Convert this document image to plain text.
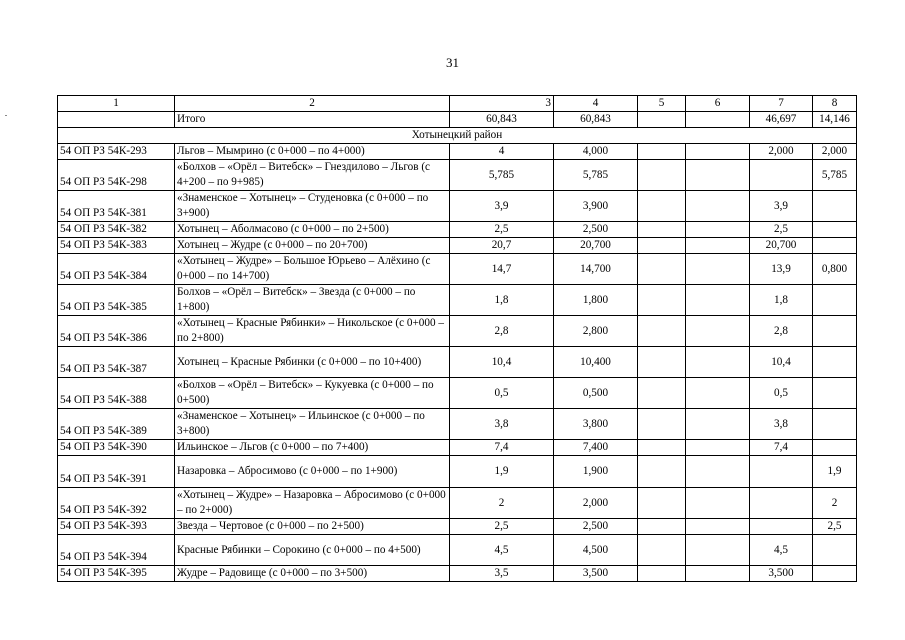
31
1	2	3	4	5	6	7	8
	Итого	60,843	60,843			46,697	14,146
Хотынецкий район							
54 ОП РЗ 54К-293	Льгов – Мымрино (с 0+000 – по 4+000)	4	4,000			2,000	2,000
54 ОП РЗ 54К-298	«Болхов – «Орёл – Витебск» – Гнездилово – Льгов (с 4+200 – по 9+985)	5,785	5,785				5,785
54 ОП РЗ 54К-381	«Знаменское – Хотынец» – Студеновка (с 0+000 – по 3+900)	3,9	3,900			3,9	
54 ОП РЗ 54К-382	Хотынец – Аболмасово (с 0+000 – по 2+500)	2,5	2,500			2,5	
54 ОП РЗ 54К-383	Хотынец – Жудре (с 0+000 – по 20+700)	20,7	20,700			20,700	
54 ОП РЗ 54К-384	«Хотынец – Жудре» – Большое Юрьево – Алёхино (с 0+000 – по 14+700)	14,7	14,700			13,9	0,800
54 ОП РЗ 54К-385	Болхов – «Орёл – Витебск» – Звезда (с 0+000 – по 1+800)	1,8	1,800			1,8	
54 ОП РЗ 54К-386	«Хотынец – Красные Рябинки» – Никольское (с 0+000 – по 2+800)	2,8	2,800			2,8	
54 ОП РЗ 54К-387	Хотынец – Красные Рябинки (с 0+000 – по 10+400)	10,4	10,400			10,4	
54 ОП РЗ 54К-388	«Болхов – «Орёл – Витебск» – Кукуевка (с 0+000 – по 0+500)	0,5	0,500			0,5	
54 ОП РЗ 54К-389	«Знаменское – Хотынец» – Ильинское (с 0+000 – по 3+800)	3,8	3,800			3,8	
54 ОП РЗ 54К-390	Ильинское – Льгов (с 0+000 – по 7+400)	7,4	7,400			7,4	
54 ОП РЗ 54К-391	Назаровка – Абросимово (с 0+000 – по 1+900)	1,9	1,900				1,9
54 ОП РЗ 54К-392	«Хотынец – Жудре» – Назаровка – Абросимово (с 0+000 – по 2+000)	2	2,000				2
54 ОП РЗ 54К-393	Звезда – Чертовое (с 0+000 – по 2+500)	2,5	2,500				2,5
54 ОП РЗ 54К-394	Красные Рябинки – Сорокино (с 0+000 – по 4+500)	4,5	4,500			4,5	
54 ОП РЗ 54К-395	Жудре – Радовище (с 0+000 – по 3+500)	3,5	3,500			3,500	
